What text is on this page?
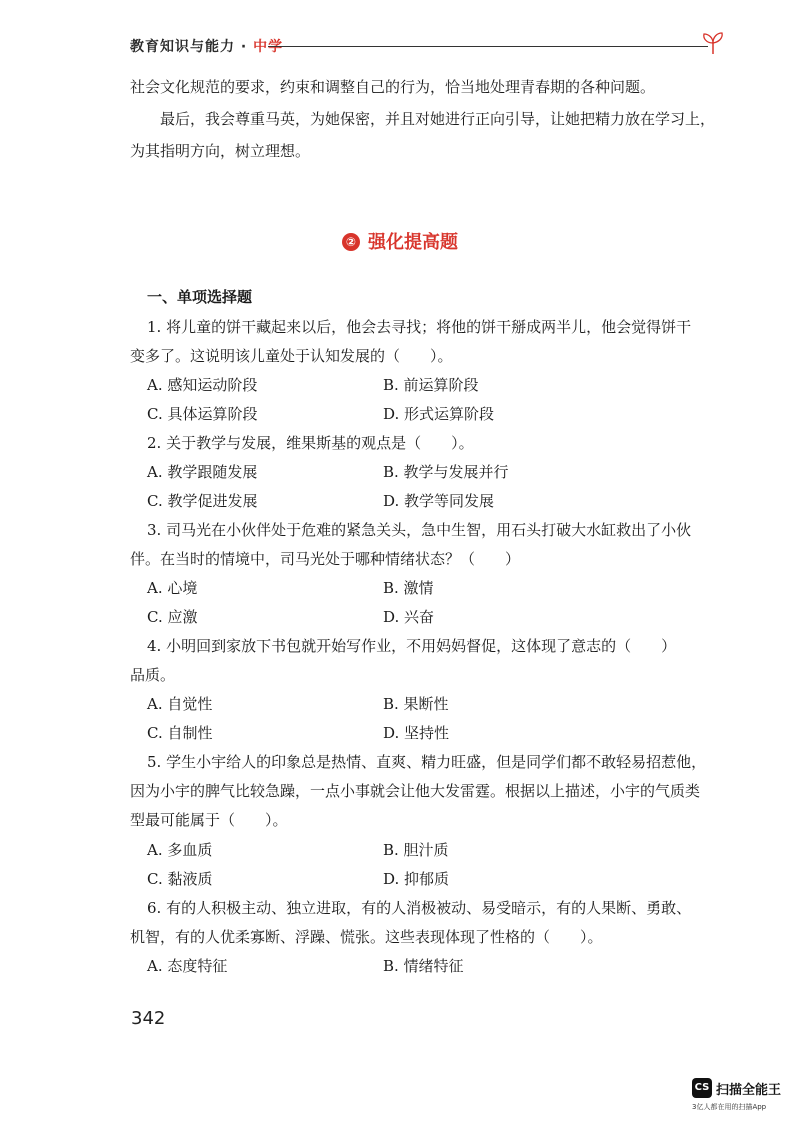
教育知识与能力 · 中学
社会文化规范的要求，约束和调整自己的行为，恰当地处理青春期的各种问题。
最后，我会尊重马英，为她保密，并且对她进行正向引导，让她把精力放在学习上，
为其指明方向，树立理想。
② 强化提高题
一、单项选择题
1. 将儿童的饼干藏起来以后，他会去寻找；将他的饼干掰成两半儿，他会觉得饼干
变多了。这说明该儿童处于认知发展的（　　）。
A. 感知运动阶段	B. 前运算阶段
C. 具体运算阶段	D. 形式运算阶段
2. 关于教学与发展，维果斯基的观点是（　　）。
A. 教学跟随发展	B. 教学与发展并行
C. 教学促进发展	D. 教学等同发展
3. 司马光在小伙伴处于危难的紧急关头，急中生智，用石头打破大水缸救出了小伙
伴。在当时的情境中，司马光处于哪种情绪状态？（　　）
A. 心境	B. 激情
C. 应激	D. 兴奋
4. 小明回到家放下书包就开始写作业，不用妈妈督促，这体现了意志的（　　）
品质。
A. 自觉性	B. 果断性
C. 自制性	D. 坚持性
5. 学生小宇给人的印象总是热情、直爽、精力旺盛，但是同学们都不敢轻易招惹他，
因为小宇的脾气比较急躁，一点小事就会让他大发雷霆。根据以上描述，小宇的气质类
型最可能属于（　　）。
A. 多血质	B. 胆汁质
C. 黏液质	D. 抑郁质
6. 有的人积极主动、独立进取，有的人消极被动、易受暗示，有的人果断、勇敢、
机智，有的人优柔寡断、浮躁、慌张。这些表现体现了性格的（　　）。
A. 态度特征	B. 情绪特征
342
CS 扫描全能王
3亿人都在用的扫描App
